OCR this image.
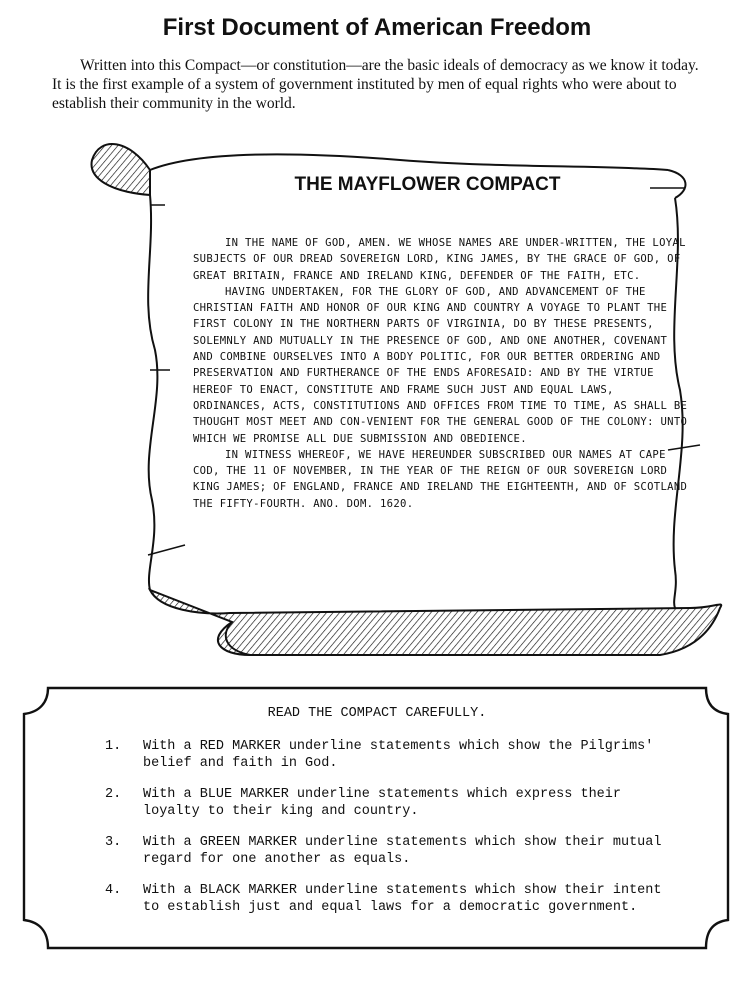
First Document of American Freedom
Written into this Compact—or constitution—are the basic ideals of democracy as we know it today. It is the first example of a system of government instituted by men of equal rights who were about to establish their community in the world.
THE MAYFLOWER COMPACT

IN THE NAME OF GOD, AMEN. WE WHOSE NAMES ARE UNDER-WRITTEN, THE LOYAL SUBJECTS OF OUR DREAD SOVEREIGN LORD, KING JAMES, BY THE GRACE OF GOD, OF GREAT BRITAIN, FRANCE AND IRELAND KING, DEFENDER OF THE FAITH, ETC.

HAVING UNDERTAKEN, FOR THE GLORY OF GOD, AND ADVANCEMENT OF THE CHRISTIAN FAITH AND HONOR OF OUR KING AND COUNTRY A VOYAGE TO PLANT THE FIRST COLONY IN THE NORTHERN PARTS OF VIRGINIA, DO BY THESE PRESENTS, SOLEMNLY AND MUTUALLY IN THE PRESENCE OF GOD, AND ONE ANOTHER, COVENANT AND COMBINE OURSELVES INTO A BODY POLITIC, FOR OUR BETTER ORDERING AND PRESERVATION AND FURTHERANCE OF THE ENDS AFORESAID: AND BY THE VIRTUE HEREOF TO ENACT, CONSTITUTE AND FRAME SUCH JUST AND EQUAL LAWS, ORDINANCES, ACTS, CONSTITUTIONS AND OFFICES FROM TIME TO TIME, AS SHALL BE THOUGHT MOST MEET AND CON-VENIENT FOR THE GENERAL GOOD OF THE COLONY: UNTO WHICH WE PROMISE ALL DUE SUBMISSION AND OBEDIENCE.

IN WITNESS WHEREOF, WE HAVE HEREUNDER SUBSCRIBED OUR NAMES AT CAPE COD, THE 11 OF NOVEMBER, IN THE YEAR OF THE REIGN OF OUR SOVEREIGN LORD KING JAMES; OF ENGLAND, FRANCE AND IRELAND THE EIGHTEENTH, AND OF SCOTLAND THE FIFTY-FOURTH. ANO. DOM. 1620.

READ THE COMPACT CAREFULLY.
1. With a RED MARKER underline statements which show the Pilgrims' belief and faith in God.
2. With a BLUE MARKER underline statements which express their loyalty to their king and country.
3. With a GREEN MARKER underline statements which show their mutual regard for one another as equals.
4. With a BLACK MARKER underline statements which show their intent to establish just and equal laws for a democratic government.
